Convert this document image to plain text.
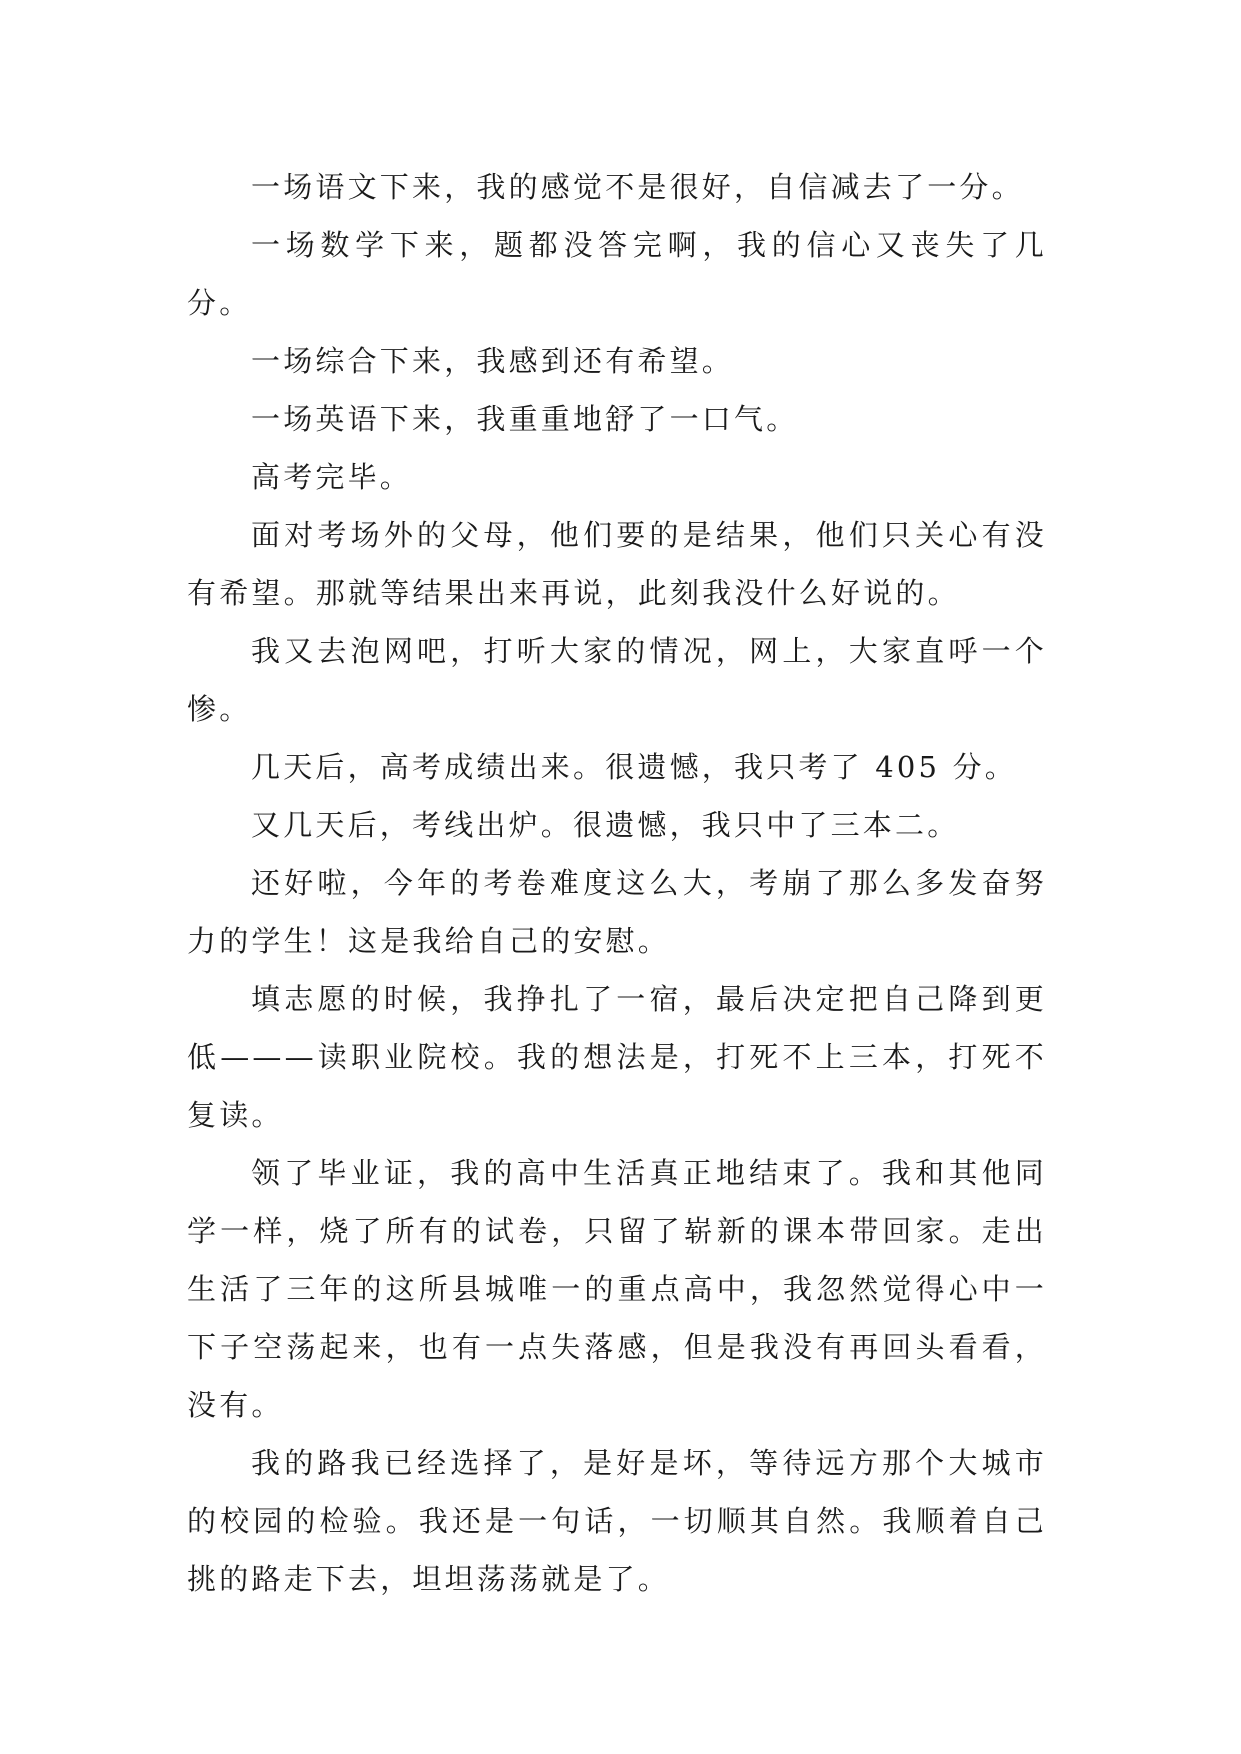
一场语文下来，我的感觉不是很好，自信减去了一分。

一场数学下来，题都没答完啊，我的信心又丧失了几分。

一场综合下来，我感到还有希望。

一场英语下来，我重重地舒了一口气。

高考完毕。

面对考场外的父母，他们要的是结果，他们只关心有没有希望。那就等结果出来再说，此刻我没什么好说的。

我又去泡网吧，打听大家的情况，网上，大家直呼一个惨。

几天后，高考成绩出来。很遗憾，我只考了 405 分。

又几天后，考线出炉。很遗憾，我只中了三本二。

还好啦，今年的考卷难度这么大，考崩了那么多发奋努力的学生！这是我给自己的安慰。

填志愿的时候，我挣扎了一宿，最后决定把自己降到更低———读职业院校。我的想法是，打死不上三本，打死不复读。

领了毕业证，我的高中生活真正地结束了。我和其他同学一样，烧了所有的试卷，只留了崭新的课本带回家。走出生活了三年的这所县城唯一的重点高中，我忽然觉得心中一下子空荡起来，也有一点失落感，但是我没有再回头看看，没有。

我的路我已经选择了，是好是坏，等待远方那个大城市的校园的检验。我还是一句话，一切顺其自然。我顺着自己挑的路走下去，坦坦荡荡就是了。
